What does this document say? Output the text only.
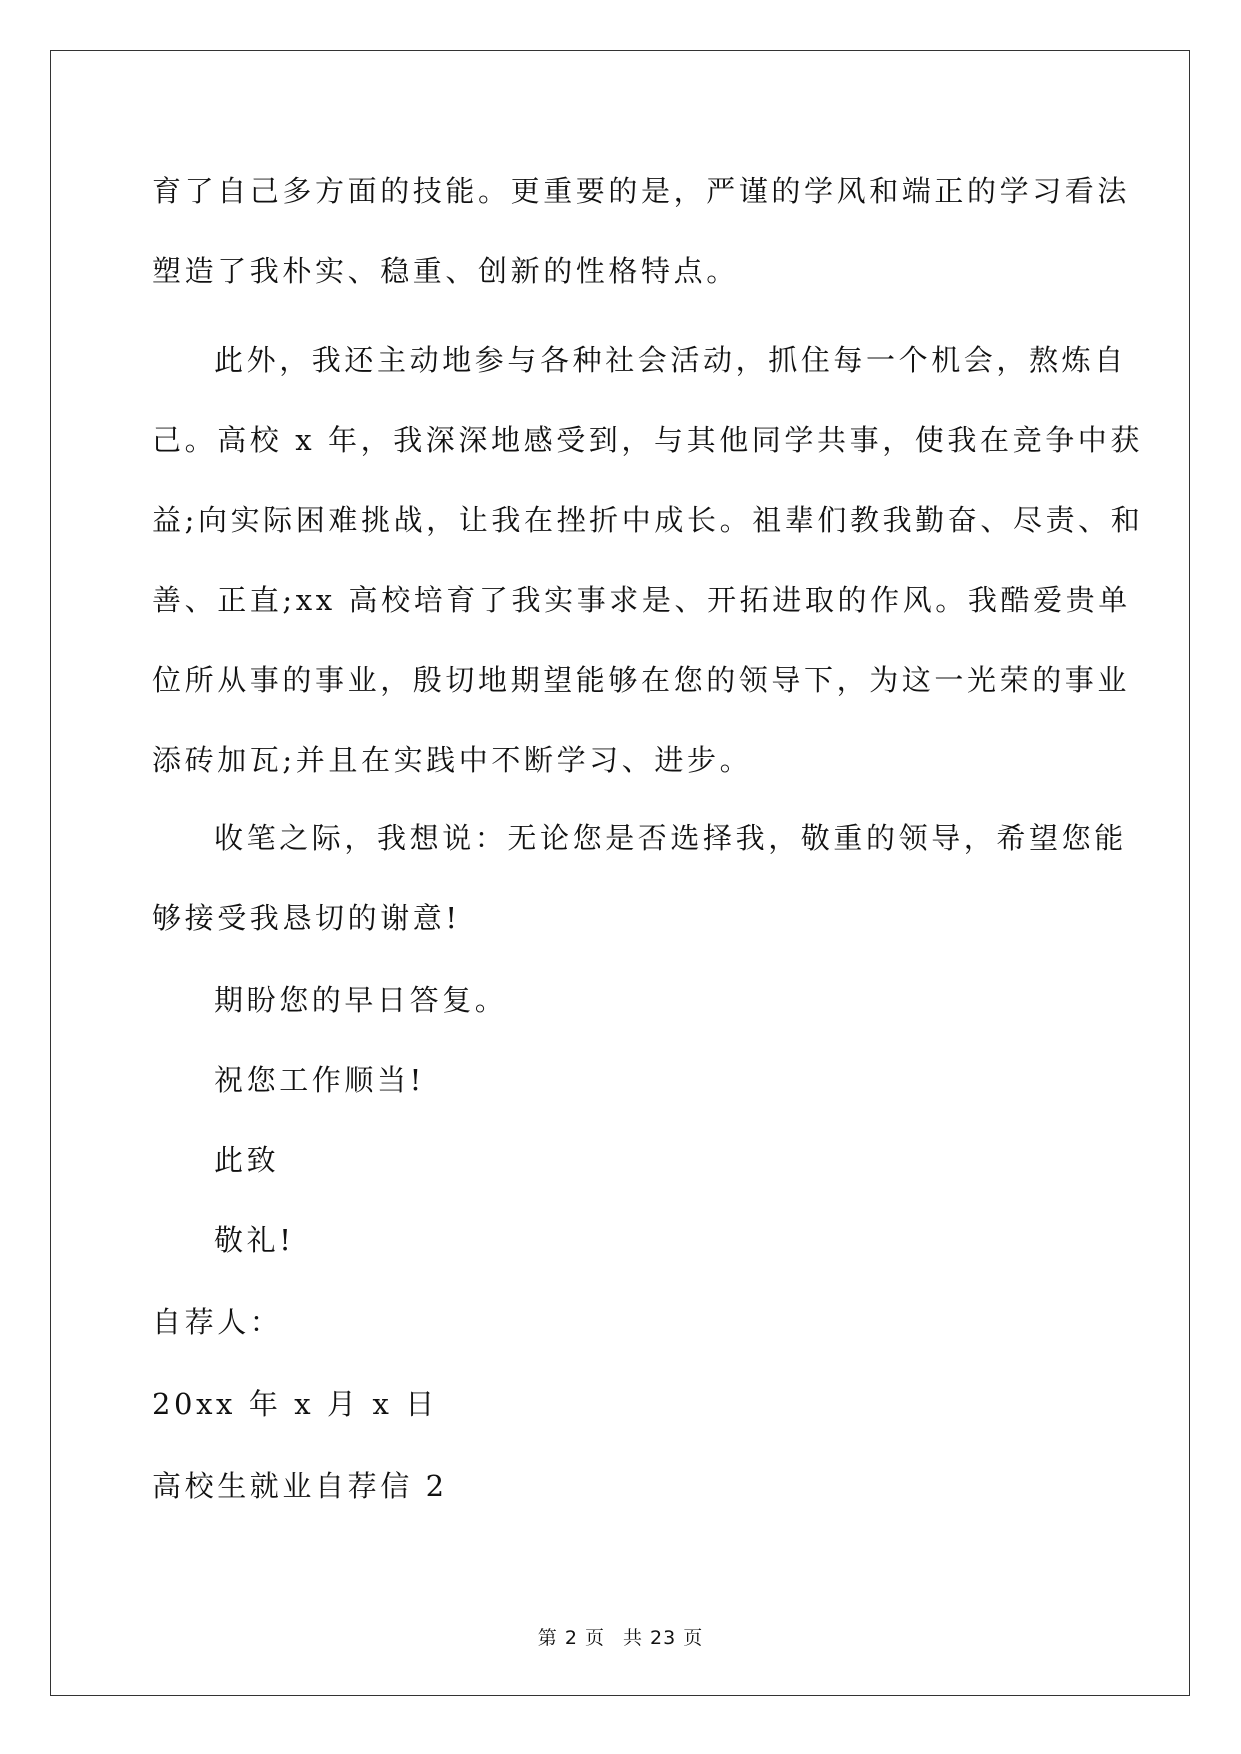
育了自己多方面的技能。更重要的是，严谨的学风和端正的学习看法
塑造了我朴实、稳重、创新的性格特点。
此外，我还主动地参与各种社会活动，抓住每一个机会，熬炼自
己。高校 x 年，我深深地感受到，与其他同学共事，使我在竞争中获
益;向实际困难挑战，让我在挫折中成长。祖辈们教我勤奋、尽责、和
善、正直;xx 高校培育了我实事求是、开拓进取的作风。我酷爱贵单
位所从事的事业，殷切地期望能够在您的领导下，为这一光荣的事业
添砖加瓦;并且在实践中不断学习、进步。
收笔之际，我想说：无论您是否选择我，敬重的领导，希望您能
够接受我恳切的谢意!
期盼您的早日答复。
祝您工作顺当!
此致
敬礼!
自荐人：
20xx 年 x 月 x 日
高校生就业自荐信 2
第 2 页 共 23 页
